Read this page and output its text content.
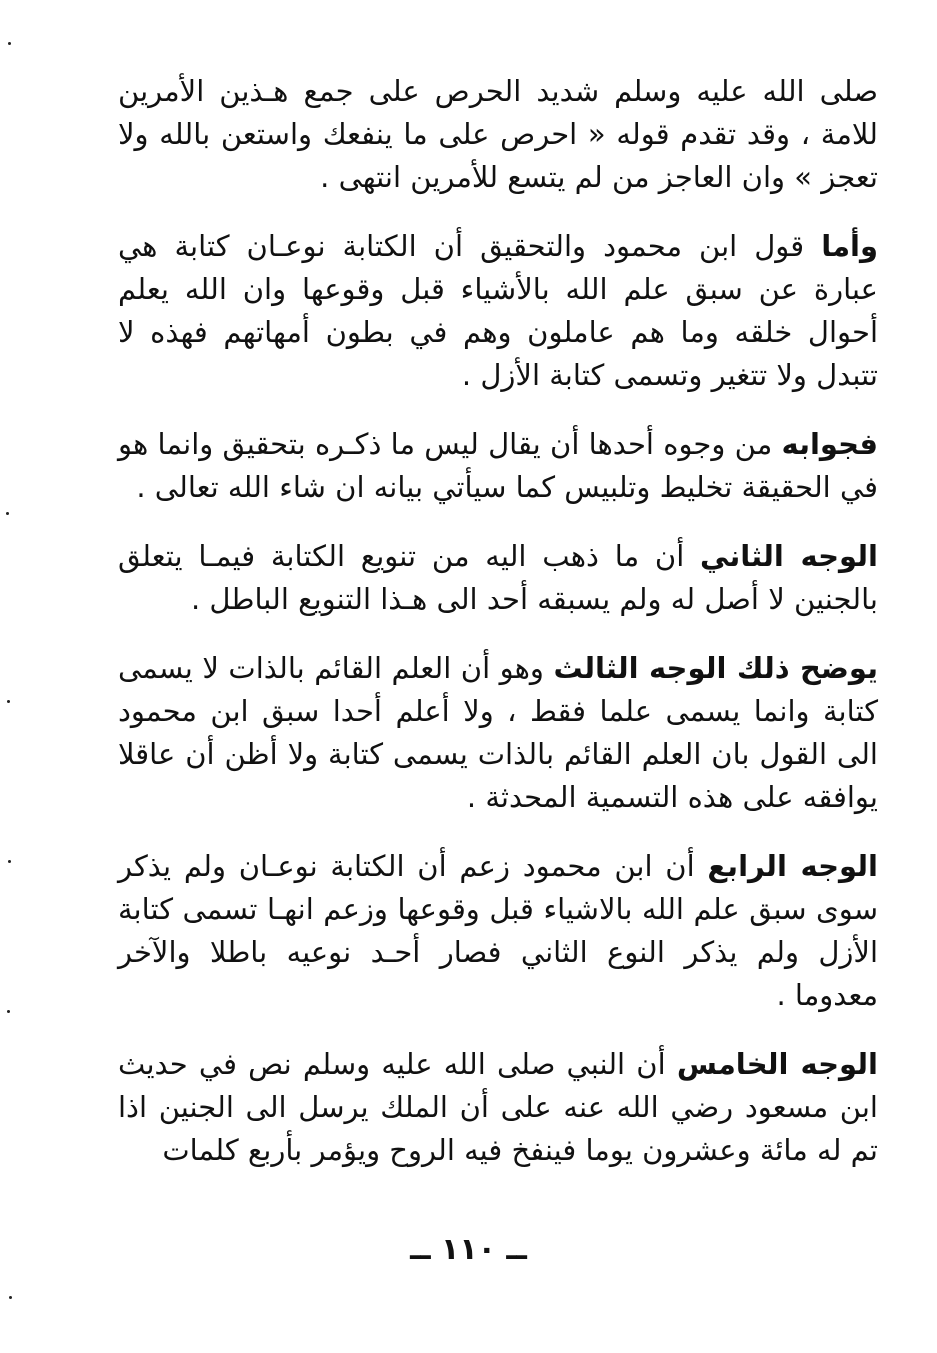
صلى الله عليه وسلم شديد الحرص على جمع هـذين الأمرين للامة ، وقد تقدم قوله « احرص على ما ينفعك واستعن بالله ولا تعجز » وان العاجز من لم يتسع للأمرين انتهى .

وأما قول ابن محمود والتحقيق أن الكتابة نوعـان كتابة هي عبارة عن سبق علم الله بالأشياء قبل وقوعها وان الله يعلم أحوال خلقه وما هم عاملون وهم في بطون أمهاتهم فهذه لا تتبدل ولا تتغير وتسمى كتابة الأزل .

فجوابه من وجوه أحدها أن يقال ليس ما ذكـره بتحقيق وانما هو في الحقيقة تخليط وتلبيس كما سيأتي بيانه ان شاء الله تعالى .

الوجه الثاني أن ما ذهب اليه من تنويع الكتابة فيمـا يتعلق بالجنين لا أصل له ولم يسبقه أحد الى هـذا التنويع الباطل .

يوضح ذلك الوجه الثالث وهو أن العلم القائم بالذات لا يسمى كتابة وانما يسمى علما فقط ، ولا أعلم أحدا سبق ابن محمود الى القول بان العلم القائم بالذات يسمى كتابة ولا أظن أن عاقلا يوافقه على هذه التسمية المحدثة .

الوجه الرابع أن ابن محمود زعم أن الكتابة نوعـان ولم يذكر سوى سبق علم الله بالاشياء قبل وقوعها وزعم انهـا تسمى كتابة الأزل ولم يذكر النوع الثاني فصار أحـد نوعيه باطلا والآخر معدوما .

الوجه الخامس أن النبي صلى الله عليه وسلم نص في حديث ابن مسعود رضي الله عنه على أن الملك يرسل الى الجنين اذا تم له مائة وعشرون يوما فينفخ فيه الروح ويؤمر بأربع كلمات

ــ ١١٠ ــ
